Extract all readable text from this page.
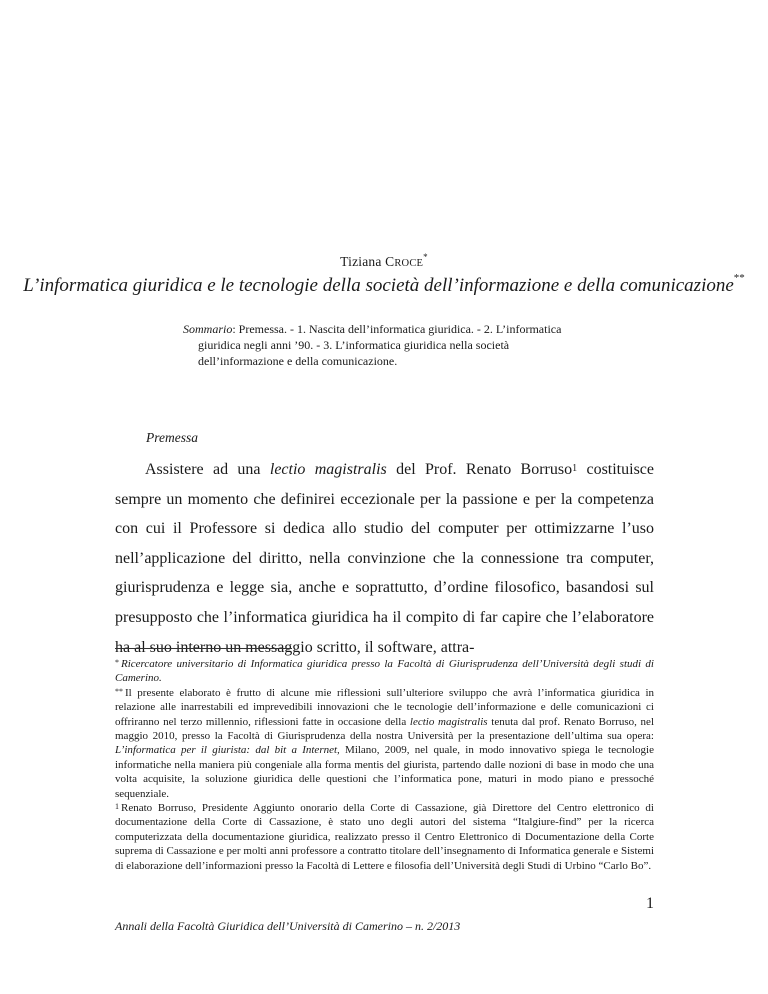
Tiziana CROCE*
L’informatica giuridica e le tecnologie della società dell’informazione e della comunicazione**
Sommario: Premessa. - 1. Nascita dell’informatica giuridica. - 2. L’informatica
giuridica negli anni ’90. - 3. L’informatica giuridica nella società
dell’informazione e della comunicazione.
Premessa

Assistere ad una lectio magistralis del Prof. Renato Borruso$^1$ costituisce sempre un momento che definirei eccezionale per la passione e per la competenza con cui il Professore si dedica allo studio del computer per ottimizzarne l’uso nell’applicazione del diritto, nella convinzione che la connessione tra computer, giurisprudenza e legge sia, anche e soprattutto, d’ordine filosofico, basandosi sul presupposto che l’informatica giuridica ha il compito di far capire che l’elaboratore ha al suo interno un messaggio scritto, il software, attra-

* Ricercatore universitario di Informatica giuridica presso la Facoltà di Giurisprudenza dell’Università degli studi di Camerino.

** Il presente elaborato è frutto di alcune mie riflessioni sull’ulteriore sviluppo che avrà l’informatica giuridica in relazione alle inarrestabili ed imprevedibili innovazioni che le tecnologie dell’informazione e delle comunicazioni ci offriranno nel terzo millennio, riflessioni fatte in occasione della lectio magistralis tenuta dal prof. Renato Borruso, nel maggio 2010, presso la Facoltà di Giurisprudenza della nostra Università per la presentazione dell’ultima sua opera: L’informatica per il giurista: dal bit a Internet, Milano, 2009, nel quale, in modo innovativo spiega le tecnologie informatiche nella maniera più congeniale alla forma mentis del giurista, partendo dalle nozioni di base in modo che una volta acquisite, la soluzione giuridica delle questioni che l’informatica pone, maturi in modo piano e pressoché sequenziale.

$^1$ Renato Borruso, Presidente Aggiunto onorario della Corte di Cassazione, già Direttore del Centro elettronico di documentazione della Corte di Cassazione, è stato uno degli autori del sistema “Italgiure-find” per la ricerca computerizzata della documentazione giuridica, realizzato presso il Centro Elettronico di Documentazione della Corte suprema di Cassazione e per molti anni professore a contratto titolare dell’insegnamento di Informatica generale e Sistemi di elaborazione dell’informazioni presso la Facoltà di Lettere e filosofia dell’Università degli Studi di Urbino “Carlo Bo”.

1
Annali della Facoltà Giuridica dell’Università di Camerino – n. 2/2013
